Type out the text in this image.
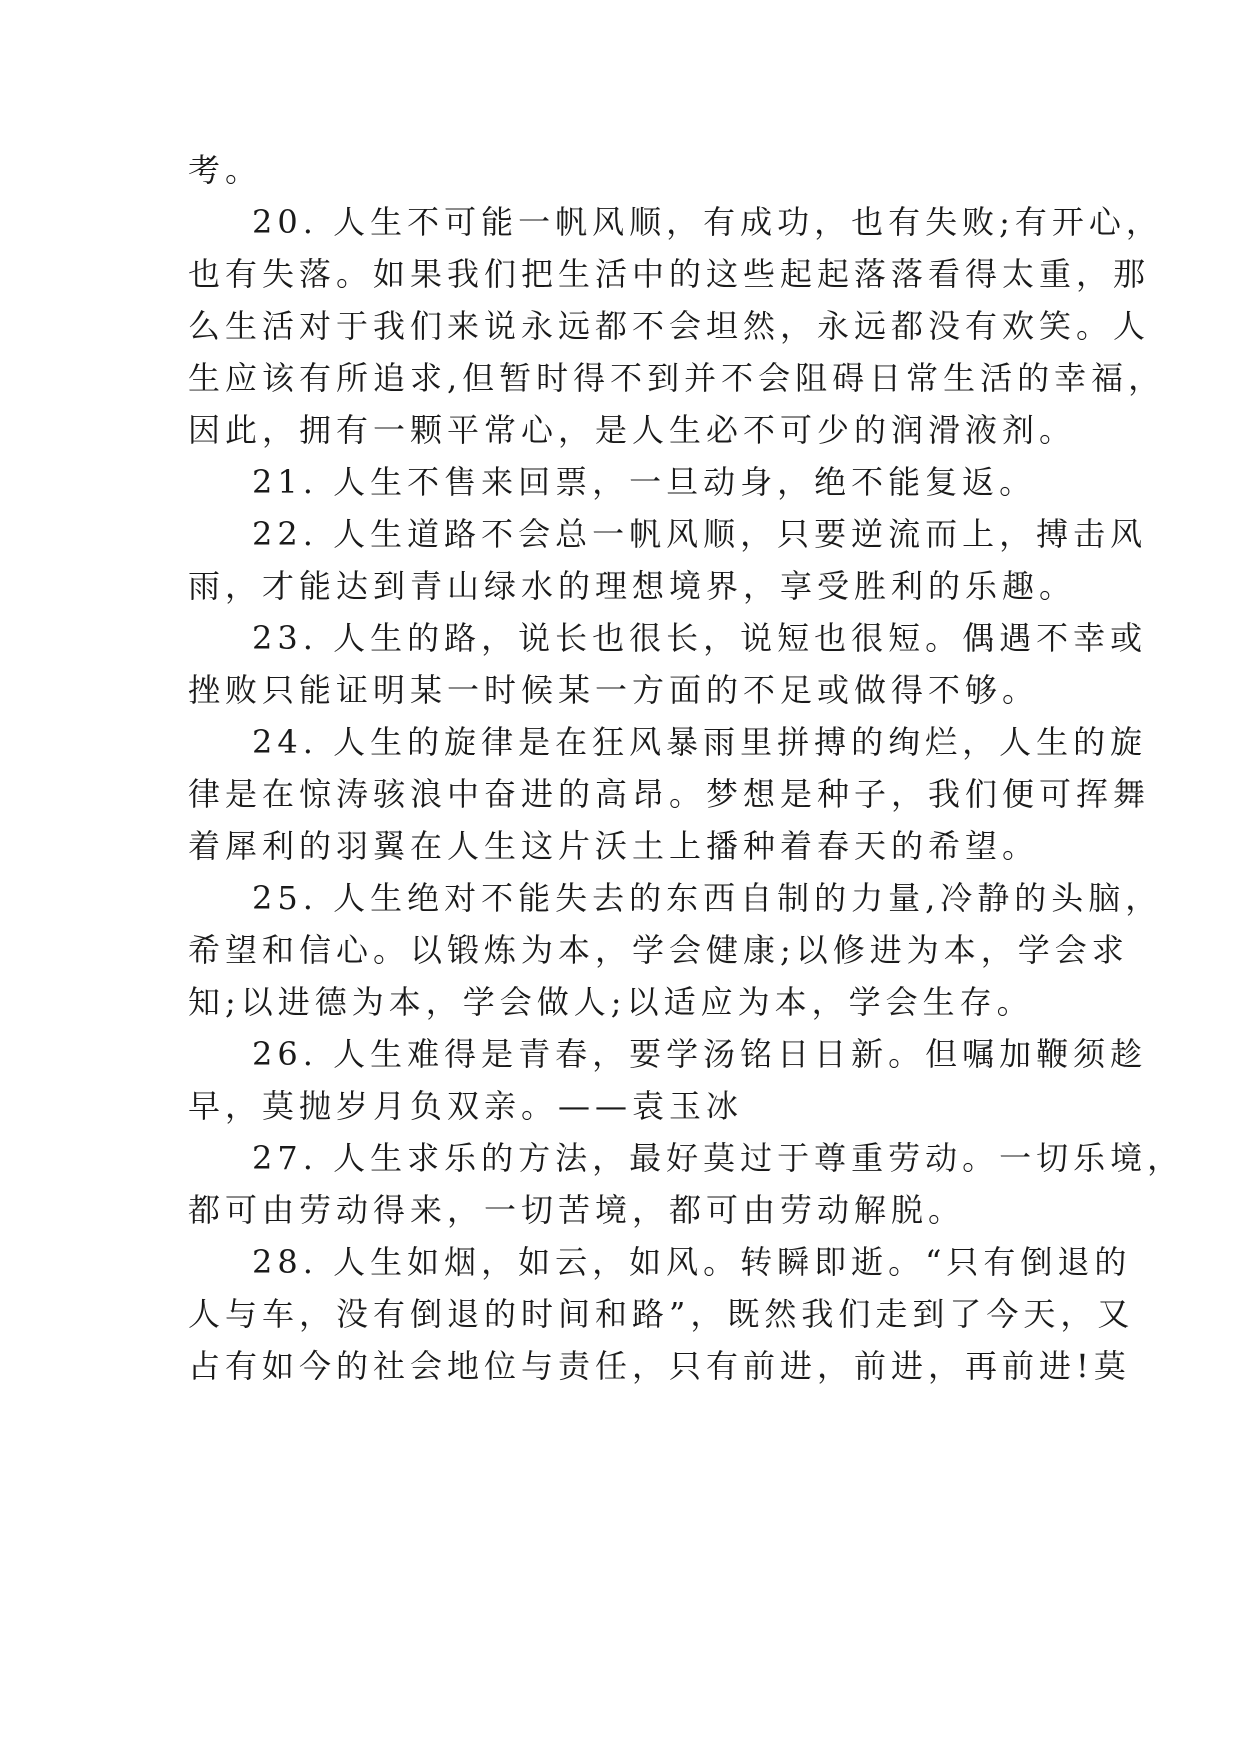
考。
20. 人生不可能一帆风顺，有成功，也有失败;有开心，
也有失落。如果我们把生活中的这些起起落落看得太重，那
么生活对于我们来说永远都不会坦然，永远都没有欢笑。人
生应该有所追求,但暂时得不到并不会阻碍日常生活的幸福，
因此，拥有一颗平常心，是人生必不可少的润滑液剂。
21. 人生不售来回票，一旦动身，绝不能复返。
22. 人生道路不会总一帆风顺，只要逆流而上，搏击风
雨，才能达到青山绿水的理想境界，享受胜利的乐趣。
23. 人生的路，说长也很长，说短也很短。偶遇不幸或
挫败只能证明某一时候某一方面的不足或做得不够。
24. 人生的旋律是在狂风暴雨里拼搏的绚烂，人生的旋
律是在惊涛骇浪中奋进的高昂。梦想是种子，我们便可挥舞
着犀利的羽翼在人生这片沃土上播种着春天的希望。
25. 人生绝对不能失去的东西自制的力量,冷静的头脑，
希望和信心。以锻炼为本，学会健康;以修进为本，学会求
知;以进德为本，学会做人;以适应为本，学会生存。
26. 人生难得是青春，要学汤铭日日新。但嘱加鞭须趁
早，莫抛岁月负双亲。——袁玉冰
27. 人生求乐的方法，最好莫过于尊重劳动。一切乐境，
都可由劳动得来，一切苦境，都可由劳动解脱。
28. 人生如烟，如云，如风。转瞬即逝。“只有倒退的
人与车，没有倒退的时间和路”，既然我们走到了今天，又
占有如今的社会地位与责任，只有前进，前进，再前进!莫
